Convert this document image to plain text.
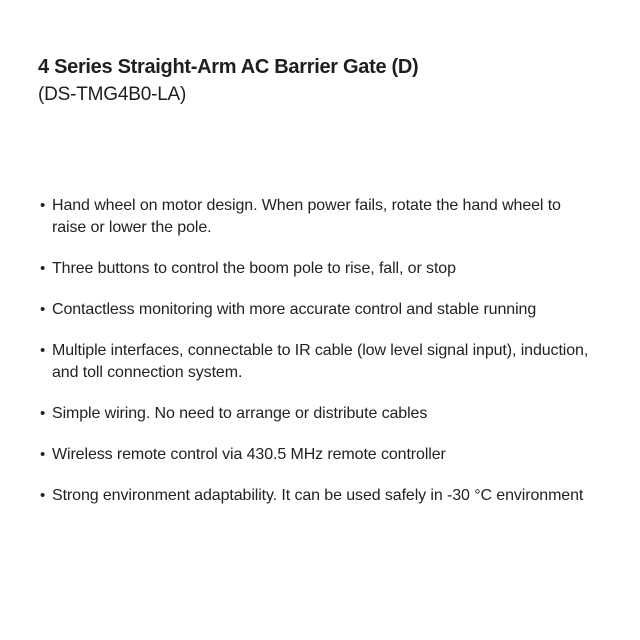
4 Series Straight-Arm AC Barrier Gate (D)

(DS-TMG4B0-LA)

• Hand wheel on motor design. When power fails, rotate the hand wheel to raise or lower the pole.
• Three buttons to control the boom pole to rise, fall, or stop
• Contactless monitoring with more accurate control and stable running
• Multiple interfaces, connectable to IR cable (low level signal input), induction, and toll connection system.
• Simple wiring. No need to arrange or distribute cables
• Wireless remote control via 430.5 MHz remote controller
• Strong environment adaptability. It can be used safely in -30 °C environment
